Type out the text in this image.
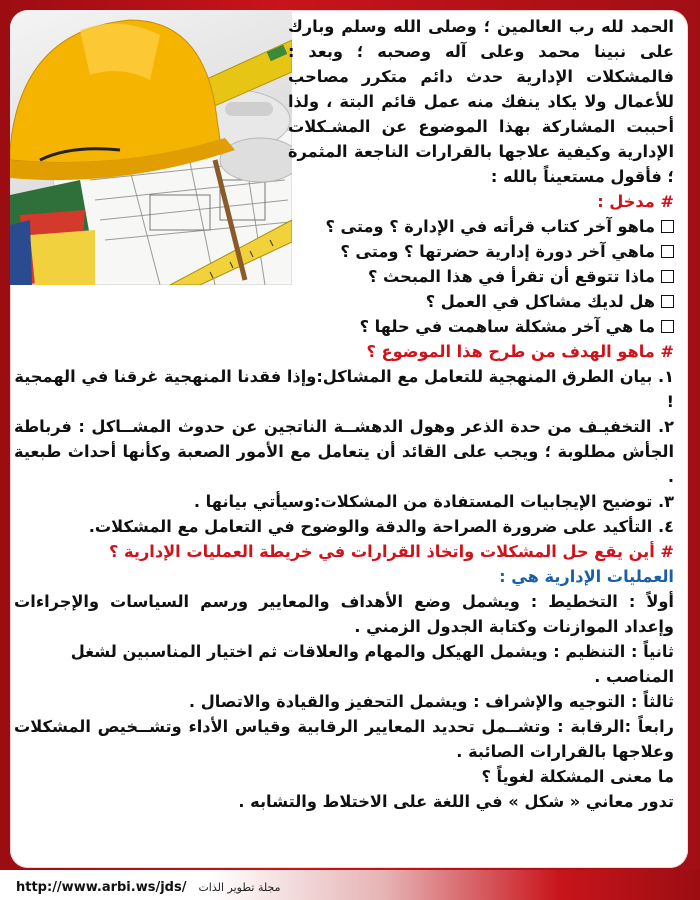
الحمد لله رب العالمين ؛ وصلى الله وسلم وبارك على نبينا محمد وعلى آله وصحبه ؛ وبعد : فالمشكلات الإدارية حدث دائم متكرر مصاحب للأعمال ولا يكاد ينفك منه عمل قائم البتة ، ولذا أحببت المشاركة بهذا الموضوع عن المشـكلات الإدارية وكيفية علاجها بالقرارات الناجعة المثمرة ؛ فأقول مستعيناً بالله :

# مدخل :

ماهو آخر كتاب قرأته في الإدارة ؟ ومتى ؟

ماهي آخر دورة إدارية حضرتها ؟ ومتى ؟

ماذا تتوقع أن تقرأ في هذا المبحث ؟

هل لديك مشاكل في العمل ؟

ما هي آخر مشكلة ساهمت في حلها ؟

# ماهو الهدف من طرح هذا الموضوع ؟

١. بيان الطرق المنهجية للتعامل مع المشاكل:وإذا فقدنا المنهجية غرقنا في الهمجية !

٢. التخفيـف من حدة الذعر وهول الدهشــة الناتجين عن حدوث المشــاكل : فرباطة الجأش مطلوبة ؛ ويجب على القائد أن يتعامل مع الأمور الصعبة وكأنها أحداث طبعية .

٣. توضيح الإيجابيات المستفادة من المشكلات:وسيأتي بيانها .

٤. التأكيد على ضرورة الصراحة والدقة والوضوح في التعامل مع المشكلات.

# أين يقع حل المشكلات واتخاذ القرارات في خريطة العمليات الإدارية ؟

العمليات الإدارية هي :

أولاً : التخطيط : ويشمل وضع الأهداف والمعايير ورسم السياسات والإجراءات وإعداد الموازنات وكتابة الجدول الزمني .

ثانياً : التنظيم : ويشمل الهيكل والمهام والعلاقات ثم اختيار المناسبين لشغل المناصب .

ثالثاً : التوجيه والإشراف : ويشمل التحفيز والقيادة والاتصال .

رابعاً :الرقابة : وتشــمل تحديد المعايير الرقابية وقياس الأداء وتشــخيص المشكلات وعلاجها بالقرارات الصائبة .

ما معنى المشكلة لغوياً ؟

تدور معاني « شكل » في اللغة على الاختلاط والتشابه .

http://www.arbi.ws/jds/ مجلة تطوير الذات
